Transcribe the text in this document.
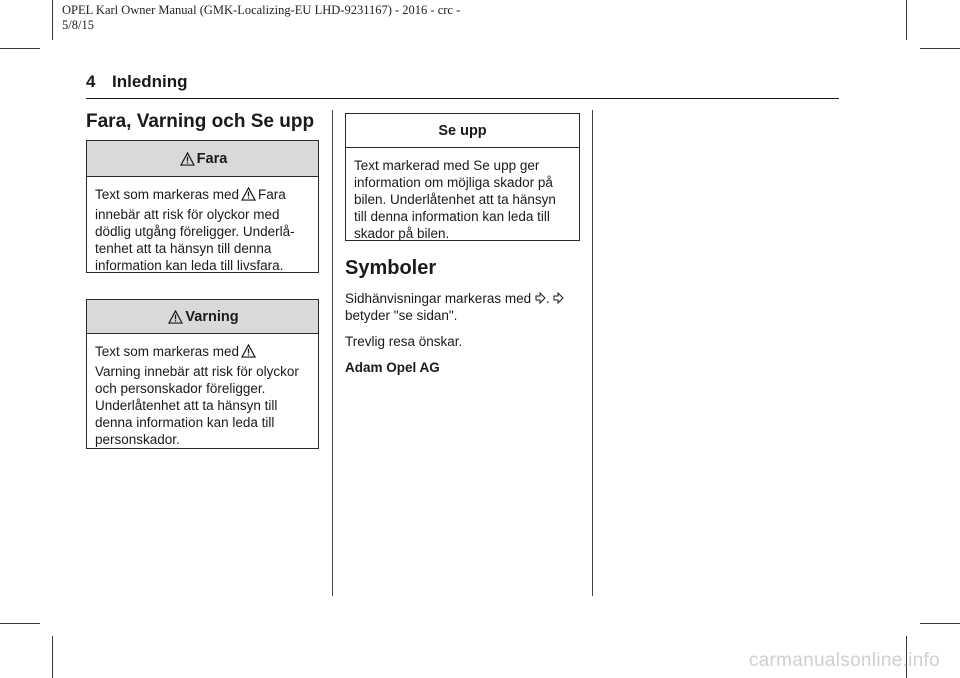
OPEL Karl Owner Manual (GMK-Localizing-EU LHD-9231167) - 2016 - crc -
5/8/15
4 Inledning
Fara, Varning och Se upp
Fara

Text som markeras med Fara

innebär att risk för olyckor med dödlig utgång föreligger. Underlå- tenhet att ta hänsyn till denna information kan leda till livsfara.

Varning

Text som markeras med

Varning innebär att risk för olyckor och personskador föreligger. Underlåtenhet att ta hänsyn till denna information kan leda till personskador.

Se upp

Text markerad med Se upp ger information om möjliga skador på bilen. Underlåtenhet att ta hänsyn till denna information kan leda till skador på bilen.

Symboler

Sidhänvisningar markeras med .

betyder "se sidan".

Trevlig resa önskar.

Adam Opel AG

carmanualsonline.info
